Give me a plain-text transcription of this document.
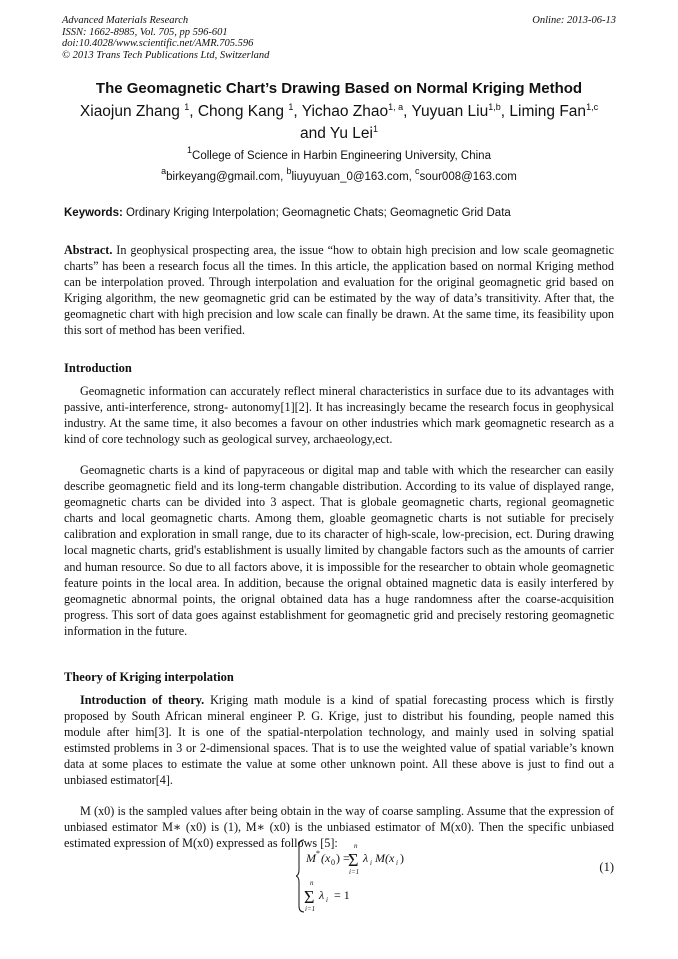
Advanced Materials Research
ISSN: 1662-8985, Vol. 705, pp 596-601
doi:10.4028/www.scientific.net/AMR.705.596
© 2013 Trans Tech Publications Ltd, Switzerland
Online: 2013-06-13
The Geomagnetic Chart’s Drawing Based on Normal Kriging Method
Xiaojun Zhang $^1$, Chong Kang $^1$, Yichao Zhao$^{1, a}$, Yuyuan Liu$^{1,b}$, Liming Fan$^{1,c}$
and Yu Lei$^1$
$^1$College of Science in Harbin Engineering University, China
$^a$birkeyang@gmail.com, $^b$liuyuyuan_0@163.com, $^c$sour008@163.com
Keywords: Ordinary Kriging Interpolation; Geomagnetic Chats; Geomagnetic Grid Data

Abstract. In geophysical prospecting area, the issue “how to obtain high precision and low scale geomagnetic charts” has been a research focus all the times. In this article, the application based on normal Kriging method can be interpolation proved. Through interpolation and evaluation for the original geomagnetic grid based on Kriging algorithm, the new geomagnetic grid can be estimated by the way of data’s transitivity. After that, the geomagnetic chart with high precision and low scale can finally be drawn. At the same time, its feasibility upon this sort of method has been verified.

Introduction

Geomagnetic information can accurately reflect mineral characteristics in surface due to its advantages with passive, anti-interference, strong- autonomy[1][2]. It has increasingly became the research focus in geophysical industry. At the same time, it also becomes a favour on other industries which mark geomagnetic research as a kind of core technology such as geological survey, archaeology,ect.

Geomagnetic charts is a kind of papyraceous or digital map and table with which the researcher can easily describe geomagnetic field and its long-term changable distribution. According to its value of displayed range, geomagnetic charts can be divided into 3 aspect. That is globale geomagnetic charts, regional geomagnetic charts and local geomagnetic charts. Among them, gloable geomagnetic charts is not sutiable for precisely calibration and exploration in small range, due to its character of high-scale, low-precision, ect. During drawing local magnetic charts, grid's establishment is usually limited by changable factors such as the amounts of carrier and human resource. So due to all factors above, it is impossible for the researcher to obtain whole geomagnetic feature points in the local area. In addition, because the orignal obtained magnetic data is easily interfered by geomagnetic abnormal points, the orignal obtained data has a huge randomness after the coarse-acquisition progress. This sort of data goes against establishment for geomagnetic grid and precisely restoring geomagnetic information in the future.

Theory of Kriging interpolation

Introduction of theory. Kriging math module is a kind of spatial forecasting process which is firstly proposed by South African mineral engineer P. G. Krige, just to distribut his founding, people named this module after him[3]. It is one of the spatial-nterpolation technology, and mainly used in solving spatial estimsted problems in 3 or 2-dimensional spaces. That is to use the weighted value of spatial variable’s known data at some places to estimate the value at some other unknown point. All these above is just to find out a unbiased estimator[4].

M (x0) is the sampled values after being obtain in the way of coarse sampling. Assume that the expression of unbiased estimator M∗ (x0) is (1), M∗ (x0) is the unbiased estimator of M(x0). Then the specific unbiased estimated expression of M(x0) expressed as follows [5]:

M * (x 0 ) =
n
Σ
i=1
λ i M(x i )
n
Σ
i=1
λ i = 1
(1)
